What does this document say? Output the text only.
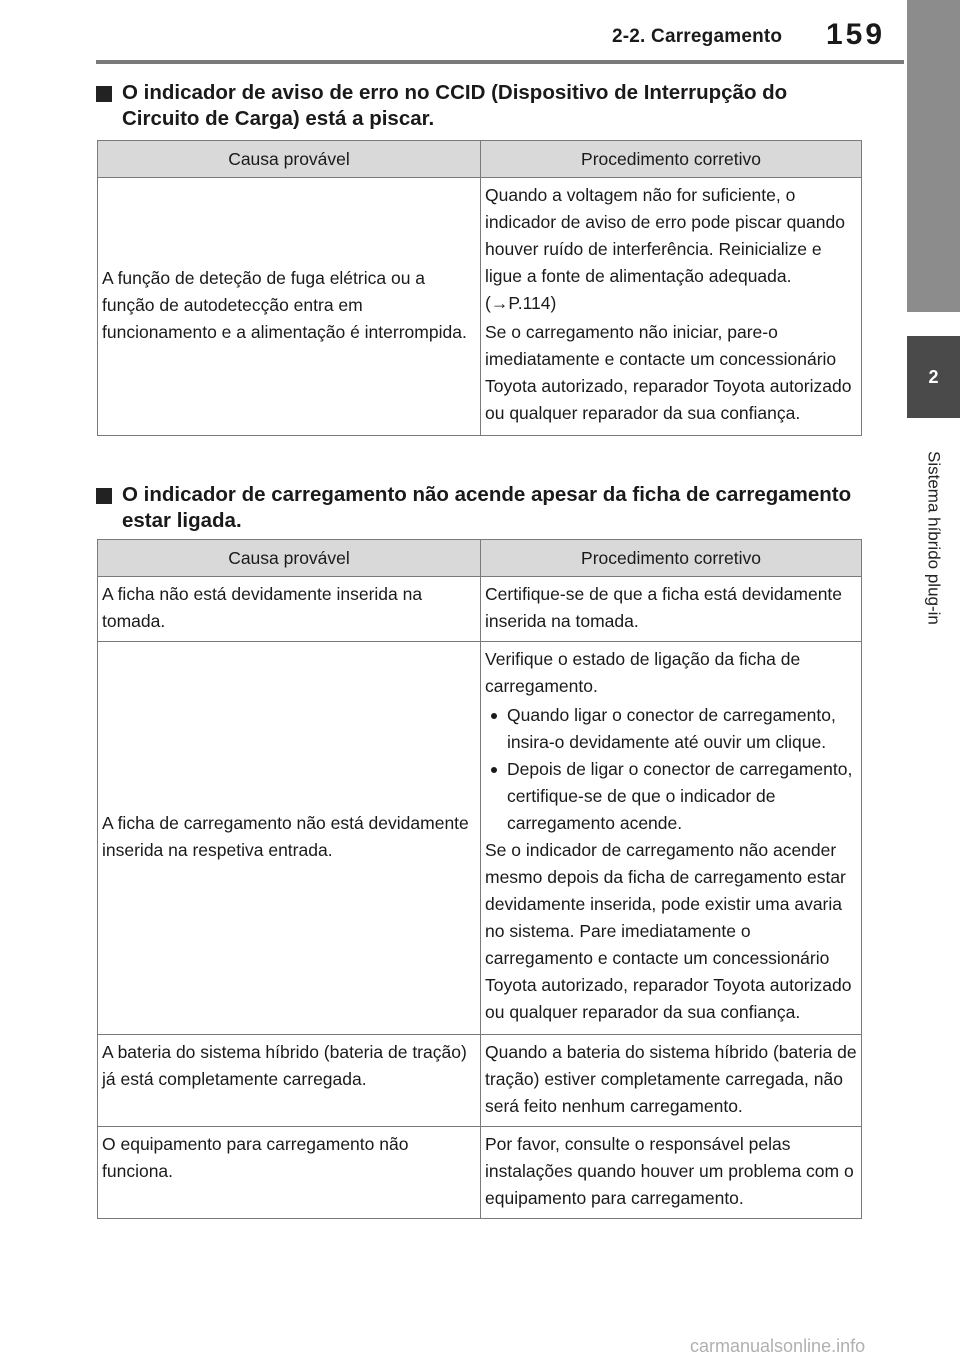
2-2. Carregamento 159
2
Sistema híbrido plug-in
O indicador de aviso de erro no CCID (Dispositivo de Interrupção do Circuito de Carga) está a piscar.
Causa provável	Procedimento corretivo
A função de deteção de fuga elétrica ou a função de autodetecção entra em funcionamento e a alimentação é interrompida.	Quando a voltagem não for suficiente, o indicador de aviso de erro pode piscar quando houver ruído de interferência. Reinicialize e ligue a fonte de alimentação adequada. (→P.114)

Se o carregamento não iniciar, pare-o imediatamente e contacte um concessionário Toyota autorizado, reparador Toyota autorizado ou qualquer reparador da sua confiança.

O indicador de carregamento não acende apesar da ficha de carregamento estar ligada.
Causa provável	Procedimento corretivo
A ficha não está devidamente inserida na tomada.	Certifique-se de que a ficha está devidamente inserida na tomada.
A ficha de carregamento não está devidamente inserida na respetiva entrada.	Verifique o estado de ligação da ficha de carregamento.

Quando ligar o conector de carregamento, insira-o devidamente até ouvir um clique.
Depois de ligar o conector de carregamento, certifique-se de que o indicador de carregamento acende.

Se o indicador de carregamento não acender mesmo depois da ficha de carregamento estar devidamente inserida, pode existir uma avaria no sistema. Pare imediatamente o carregamento e contacte um concessionário Toyota autorizado, reparador Toyota autorizado ou qualquer reparador da sua confiança.

A bateria do sistema híbrido (bateria de tração) já está completamente carregada.	Quando a bateria do sistema híbrido (bateria de tração) estiver completamente carregada, não será feito nenhum carregamento.
O equipamento para carregamento não funciona.	Por favor, consulte o responsável pelas instalações quando houver um problema com o equipamento para carregamento.
carmanualsonline.info
